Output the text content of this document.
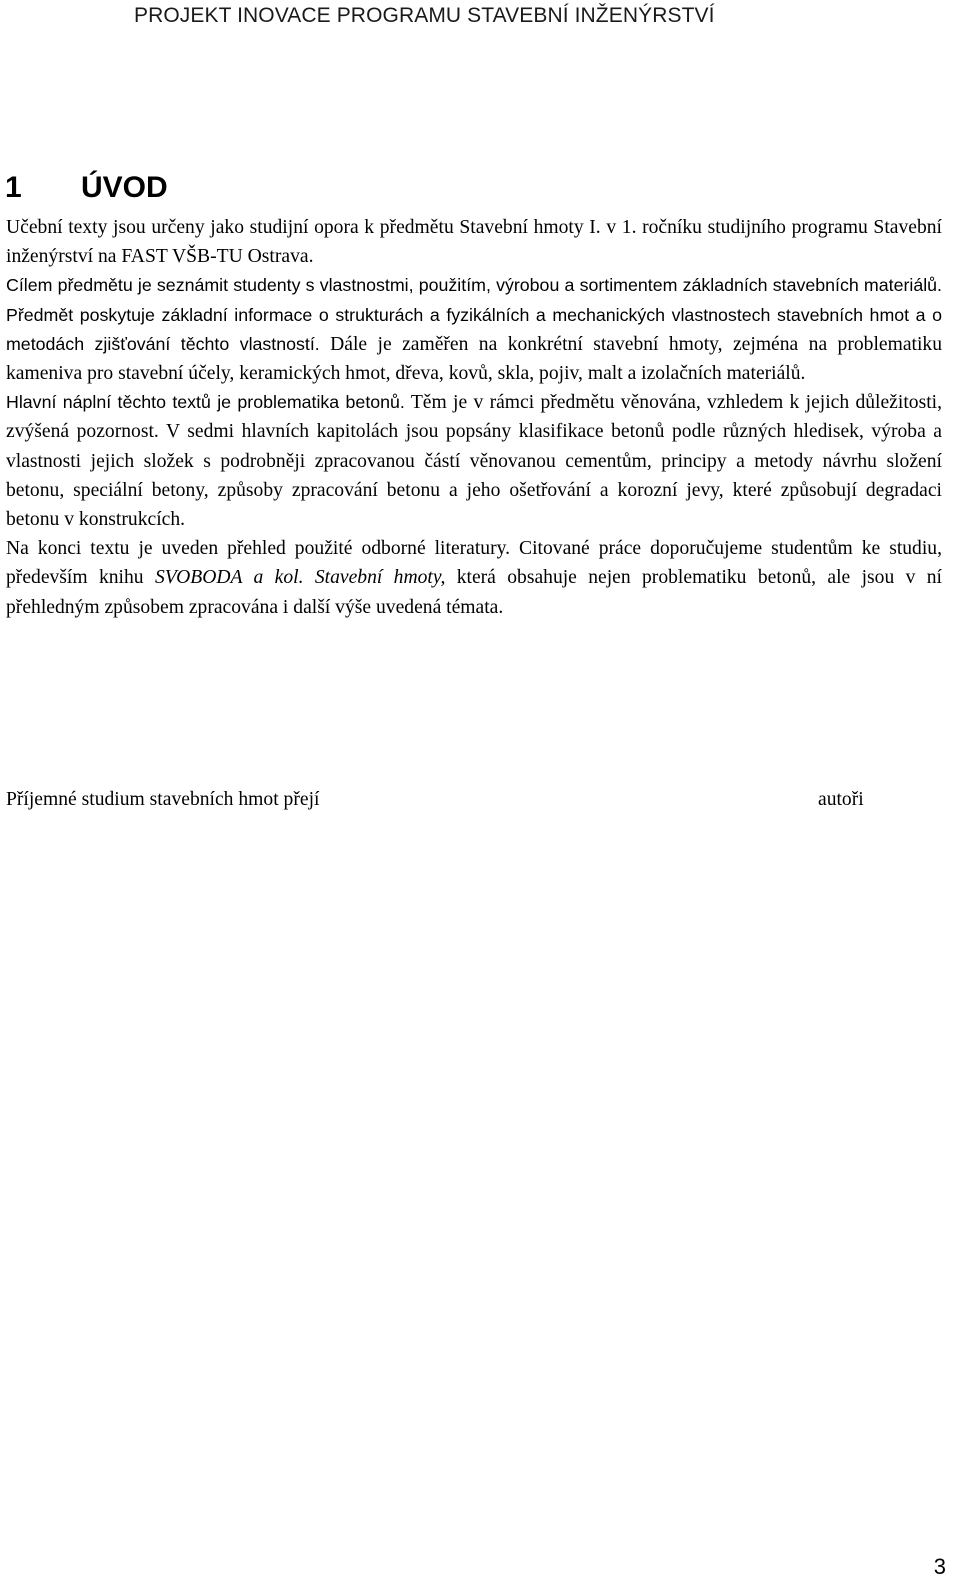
PROJEKT INOVACE PROGRAMU STAVEBNÍ INŽENÝRSTVÍ
1 ÚVOD

Učební texty jsou určeny jako studijní opora k předmětu Stavební hmoty I. v 1. ročníku studijního programu Stavební inženýrství na FAST VŠB-TU Ostrava.

Cílem předmětu je seznámit studenty s vlastnostmi, použitím, výrobou a sortimentem základních stavebních materiálů. Předmět poskytuje základní informace o strukturách a fyzikálních a mechanických vlastnostech stavebních hmot a o metodách zjišťování těchto vlastností. Dále je zaměřen na konkrétní stavební hmoty, zejména na problematiku kameniva pro stavební účely, keramických hmot, dřeva, kovů, skla, pojiv, malt a izolačních materiálů.

Hlavní náplní těchto textů je problematika betonů. Těm je v rámci předmětu věnována, vzhledem k jejich důležitosti, zvýšená pozornost. V sedmi hlavních kapitolách jsou popsány klasifikace betonů podle různých hledisek, výroba a vlastnosti jejich složek s podrobněji zpracovanou částí věnovanou cementům, principy a metody návrhu složení betonu, speciální betony, způsoby zpracování betonu a jeho ošetřování a korozní jevy, které způsobují degradaci betonu v konstrukcích.

Na konci textu je uveden přehled použité odborné literatury. Citované práce doporučujeme studentům ke studiu, především knihu SVOBODA a kol. Stavební hmoty, která obsahuje nejen problematiku betonů, ale jsou v ní přehledným způsobem zpracována i další výše uvedená témata.

Příjemné studium stavebních hmot přejí	autoři
3
